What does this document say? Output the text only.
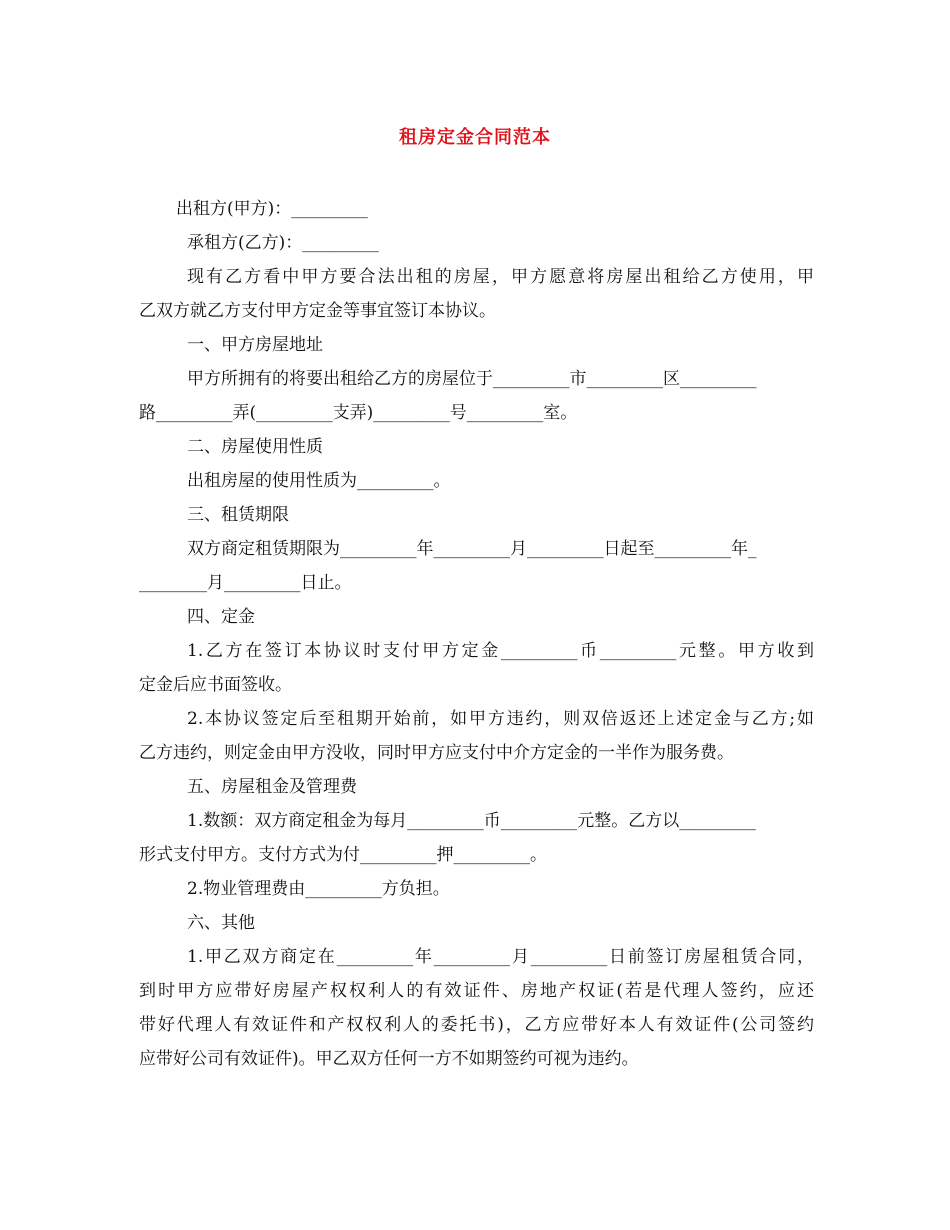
租房定金合同范本

出租方(甲方)：_________

承租方(乙方)：_________

现有乙方看中甲方要合法出租的房屋，甲方愿意将房屋出租给乙方使用，甲

乙双方就乙方支付甲方定金等事宜签订本协议。

一、甲方房屋地址

甲方所拥有的将要出租给乙方的房屋位于_________市_________区_________

路_________弄(_________支弄)_________号_________室。

二、房屋使用性质

出租房屋的使用性质为_________。

三、租赁期限

双方商定租赁期限为_________年_________月_________日起至_________年_

________月_________日止。

四、定金

1.乙方在签订本协议时支付甲方定金_________币_________元整。甲方收到

定金后应书面签收。

2.本协议签定后至租期开始前，如甲方违约，则双倍返还上述定金与乙方;如

乙方违约，则定金由甲方没收，同时甲方应支付中介方定金的一半作为服务费。

五、房屋租金及管理费

1.数额：双方商定租金为每月_________币_________元整。乙方以_________

形式支付甲方。支付方式为付_________押_________。

2.物业管理费由_________方负担。

六、其他

1.甲乙双方商定在_________年_________月_________日前签订房屋租赁合同，

到时甲方应带好房屋产权权利人的有效证件、房地产权证(若是代理人签约，应还

带好代理人有效证件和产权权利人的委托书)，乙方应带好本人有效证件(公司签约

应带好公司有效证件)。甲乙双方任何一方不如期签约可视为违约。
